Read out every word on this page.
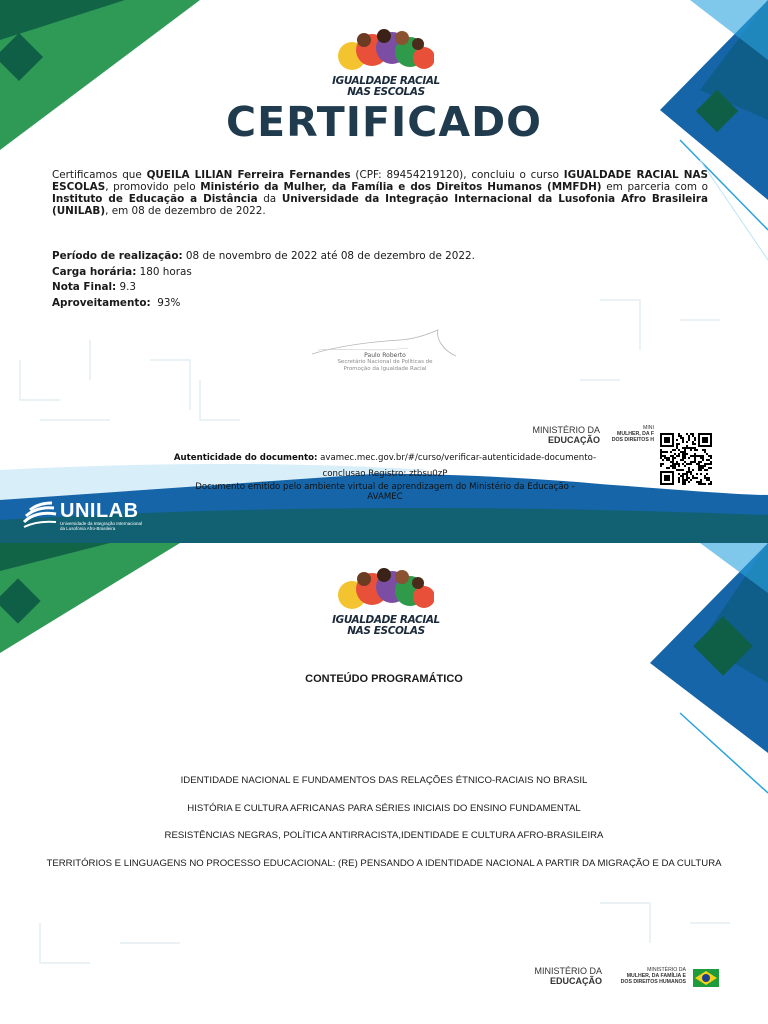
IGUALDADE RACIAL
NAS ESCOLAS
CERTIFICADO
Certificamos que QUEILA LILIAN Ferreira Fernandes (CPF: 89454219120), concluiu o curso IGUALDADE RACIAL NAS ESCOLAS, promovido pelo Ministério da Mulher, da Família e dos Direitos Humanos (MMFDH) em parceria com o Instituto de Educação a Distância da Universidade da Integração Internacional da Lusofonia Afro Brasileira (UNILAB), em 08 de dezembro de 2022.
Período de realização: 08 de novembro de 2022 até 08 de dezembro de 2022.
Carga horária: 180 horas
Nota Final: 9.3
Aproveitamento:  93%
Paulo Roberto
Secretário Nacional de Políticas de
Promoção da Igualdade Racial
MINISTÉRIO DA
EDUCAÇÃO
MINI
MULHER, DA F
DOS DIREITOS H
Autenticidade do documento: avamec.mec.gov.br/#/curso/verificar-autenticidade-documento-
conclusao Registro: ztbsu0zP
Documento emitido pelo ambiente virtual de aprendizagem do Ministério da Educação -
AVAMEC
UNILAB
Universidade da Integração Internacional
da Lusofonia Afro-Brasileira
IGUALDADE RACIAL
NAS ESCOLAS
CONTEÚDO PROGRAMÁTICO
IDENTIDADE NACIONAL E FUNDAMENTOS DAS RELAÇÕES ÉTNICO-RACIAIS NO BRASIL
HISTÓRIA E CULTURA AFRICANAS PARA SÉRIES INICIAIS DO ENSINO FUNDAMENTAL
RESISTÊNCIAS NEGRAS, POLÍTICA ANTIRRACISTA,IDENTIDADE E CULTURA AFRO-BRASILEIRA
TERRITÓRIOS E LINGUAGENS NO PROCESSO EDUCACIONAL: (RE) PENSANDO A IDENTIDADE NACIONAL A PARTIR DA MIGRAÇÃO E DA CULTURA
MINISTÉRIO DA
EDUCAÇÃO
MINISTÉRIO DA
MULHER, DA FAMÍLIA E
DOS DIREITOS HUMANOS
